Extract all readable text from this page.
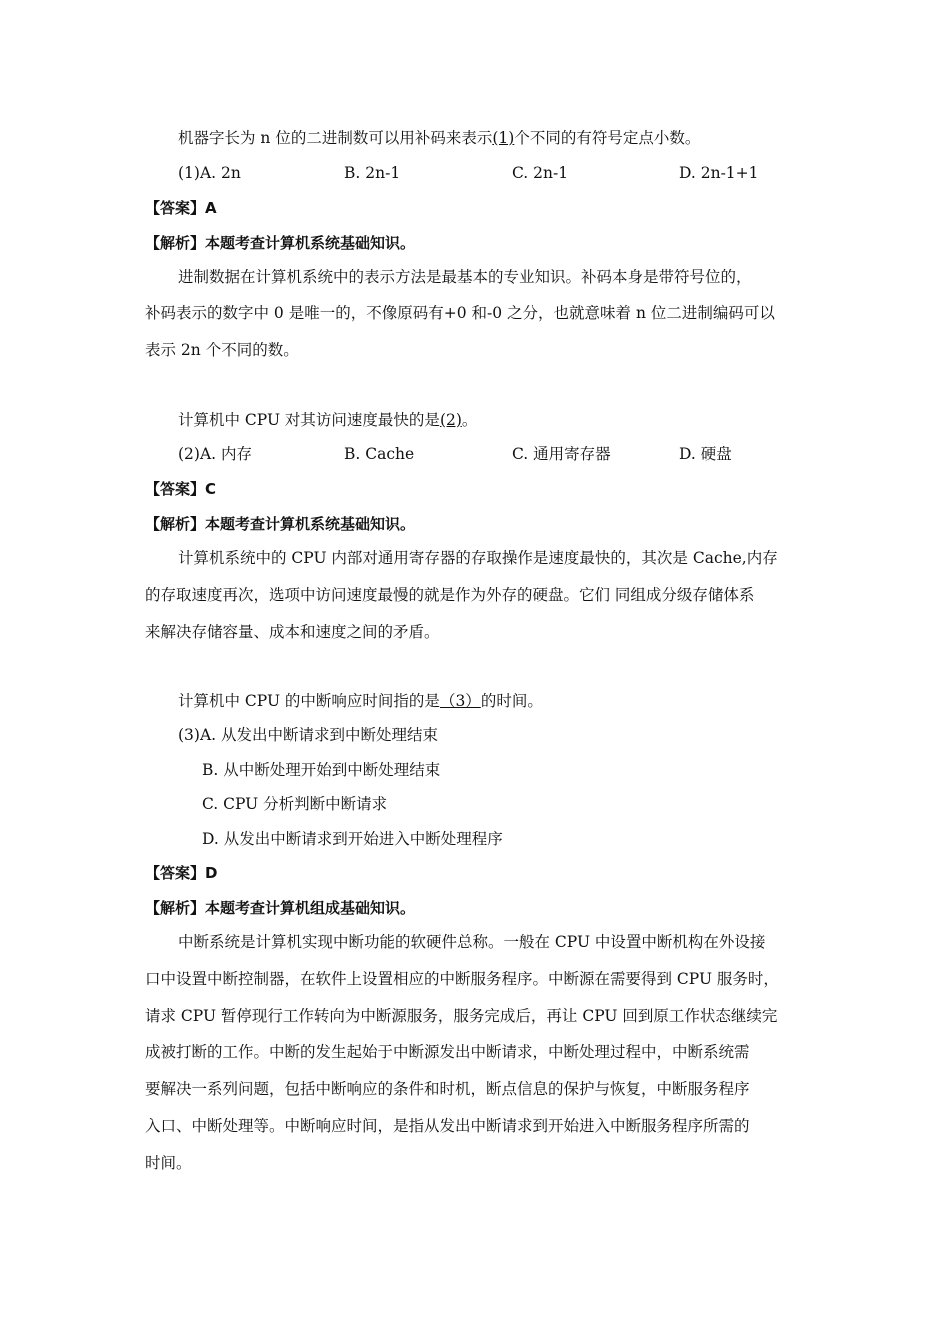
机器字长为 n 位的二进制数可以用补码来表示(1)个不同的有符号定点小数。
(1)A. 2n	B. 2n-1	C. 2n-1	D. 2n-1+1
【答案】A
【解析】本题考查计算机系统基础知识。
进制数据在计算机系统中的表示方法是最基本的专业知识。补码本身是带符号位的，
补码表示的数字中 0 是唯一的，不像原码有+0 和-0 之分，也就意味着 n 位二进制编码可以
表示 2n 个不同的数。
计算机中 CPU 对其访问速度最快的是(2)。
(2)A. 内存	B. Cache	C. 通用寄存器	D. 硬盘
【答案】C
【解析】本题考查计算机系统基础知识。
计算机系统中的 CPU 内部对通用寄存器的存取操作是速度最快的，其次是 Cache,内存
的存取速度再次，选项中访问速度最慢的就是作为外存的硬盘。它们 同组成分级存储体系
来解决存储容量、成本和速度之间的矛盾。
计算机中 CPU 的中断响应时间指的是（3）的时间。
(3)A. 从发出中断请求到中断处理结束
B. 从中断处理开始到中断处理结束
C. CPU 分析判断中断请求
D. 从发出中断请求到开始进入中断处理程序
【答案】D
【解析】本题考查计算机组成基础知识。
中断系统是计算机实现中断功能的软硬件总称。一般在 CPU 中设置中断机构在外设接
口中设置中断控制器，在软件上设置相应的中断服务程序。中断源在需要得到 CPU 服务时，
请求 CPU 暂停现行工作转向为中断源服务，服务完成后，再让 CPU 回到原工作状态继续完
成被打断的工作。中断的发生起始于中断源发出中断请求，中断处理过程中，中断系统需
要解决一系列问题，包括中断响应的条件和时机，断点信息的保护与恢复，中断服务程序
入口、中断处理等。中断响应时间，是指从发出中断请求到开始进入中断服务程序所需的
时间。
